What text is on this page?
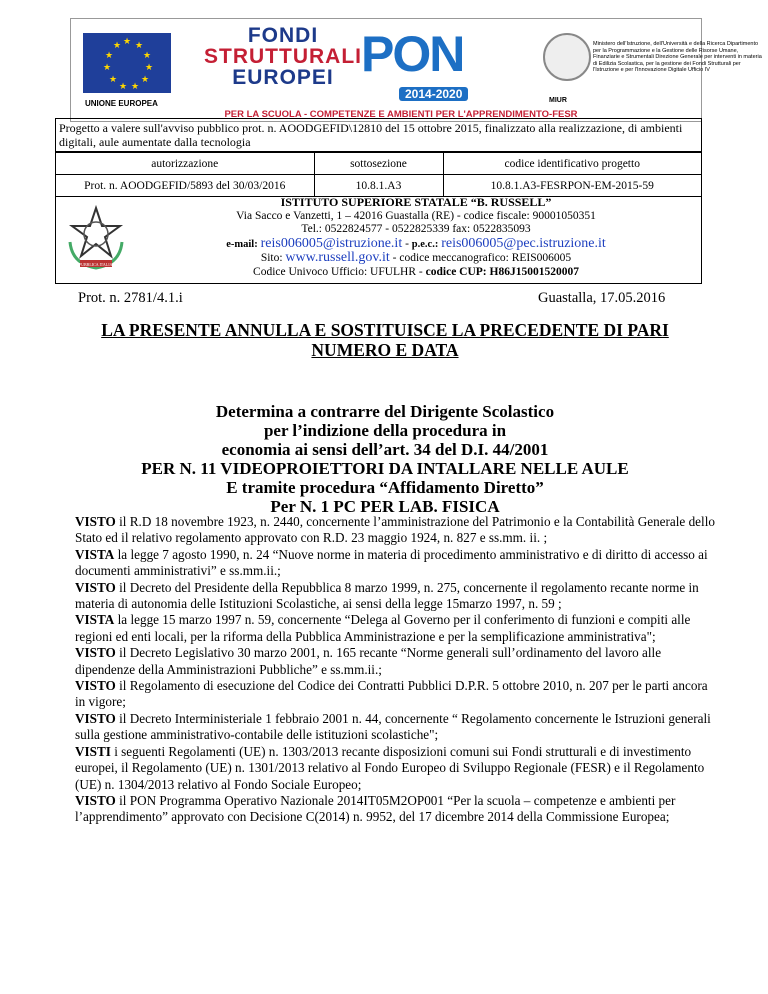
★ ★
★
★
★
★
★
★
★
★
★
UNIONE EUROPEA
FONDI
STRUTTURALI
EUROPEI PON
2014-2020	MIUR
Ministero dell'Istruzione, dell'Università e della Ricerca Dipartimento per la Programmazione e la Gestione delle Risorse Umane, Finanziarie e Strumentali Direzione Generale per interventi in materia di Edilizia Scolastica, per la gestione dei Fondi Strutturali per l'Istruzione e per l'Innovazione Digitale Ufficio IV
PER LA SCUOLA - COMPETENZE E AMBIENTI PER L'APPRENDIMENTO-FESR
Progetto a valere sull'avviso pubblico prot. n. AOODGEFID\12810 del 15 ottobre 2015, finalizzato alla realizzazione, di ambienti digitali, aule aumentate dalla tecnologia
autorizzazione	sottosezione	codice identificativo progetto
Prot. n. AOODGEFID/5893 del 30/03/2016	10.8.1.A3	10.8.1.A3-FESRPON-EM-2015-59
REPUBBLICA ITALIANA
ISTITUTO SUPERIORE STATALE “B. RUSSELL”
Via Sacco e Vanzetti, 1 – 42016 Guastalla (RE) - codice fiscale: 90001050351
Tel.: 0522824577 - 0522825339 fax: 0522835093
e-mail: reis006005@istruzione.it - p.e.c.: reis006005@pec.istruzione.it
Sito: www.russell.gov.it - codice meccanografico: REIS006005
Codice Univoco Ufficio: UFULHR - codice CUP: H86J15001520007
Prot. n. 2781/4.1.i	Guastalla, 17.05.2016
LA PRESENTE ANNULLA E SOSTITUISCE LA PRECEDENTE DI PARI
NUMERO E DATA
Determina a contrarre del Dirigente Scolastico
per l’indizione della procedura in
economia ai sensi dell’art. 34 del D.I. 44/2001
PER N. 11 VIDEOPROIETTORI DA INTALLARE NELLE AULE
E tramite procedura “Affidamento Diretto”
Per N. 1 PC PER LAB. FISICA

VISTO il R.D 18 novembre 1923, n. 2440, concernente l’amministrazione del Patrimonio e la Contabilità Generale dello Stato ed il relativo regolamento approvato con R.D. 23 maggio 1924, n. 827 e ss.mm. ii. ;

VISTA la legge 7 agosto 1990, n. 24 “Nuove norme in materia di procedimento amministrativo e di diritto di accesso ai documenti amministrativi” e ss.mm.ii.;

VISTO il Decreto del Presidente della Repubblica 8 marzo 1999, n. 275, concernente il regolamento recante norme in materia di autonomia delle Istituzioni Scolastiche, ai sensi della legge 15marzo 1997, n. 59 ;

VISTA la legge 15 marzo 1997 n. 59, concernente “Delega al Governo per il conferimento di funzioni e compiti alle regioni ed enti locali, per la riforma della Pubblica Amministrazione e per la semplificazione amministrativa";

VISTO il Decreto Legislativo 30 marzo 2001, n. 165 recante “Norme generali sull’ordinamento del lavoro alle dipendenze della Amministrazioni Pubbliche” e ss.mm.ii.;

VISTO il Regolamento di esecuzione del Codice dei Contratti Pubblici D.P.R. 5 ottobre 2010, n. 207 per le parti ancora in vigore;

VISTO il Decreto Interministeriale 1 febbraio 2001 n. 44, concernente “ Regolamento concernente le Istruzioni generali sulla gestione amministrativo-contabile delle istituzioni scolastiche";

VISTI i seguenti Regolamenti (UE) n. 1303/2013 recante disposizioni comuni sui Fondi strutturali e di investimento europei, il Regolamento (UE) n. 1301/2013 relativo al Fondo Europeo di Sviluppo Regionale (FESR) e il Regolamento (UE) n. 1304/2013 relativo al Fondo Sociale Europeo;

VISTO il PON Programma Operativo Nazionale 2014IT05M2OP001 “Per la scuola – competenze e ambienti per l’apprendimento” approvato con Decisione C(2014) n. 9952, del 17 dicembre 2014 della Commissione Europea;
